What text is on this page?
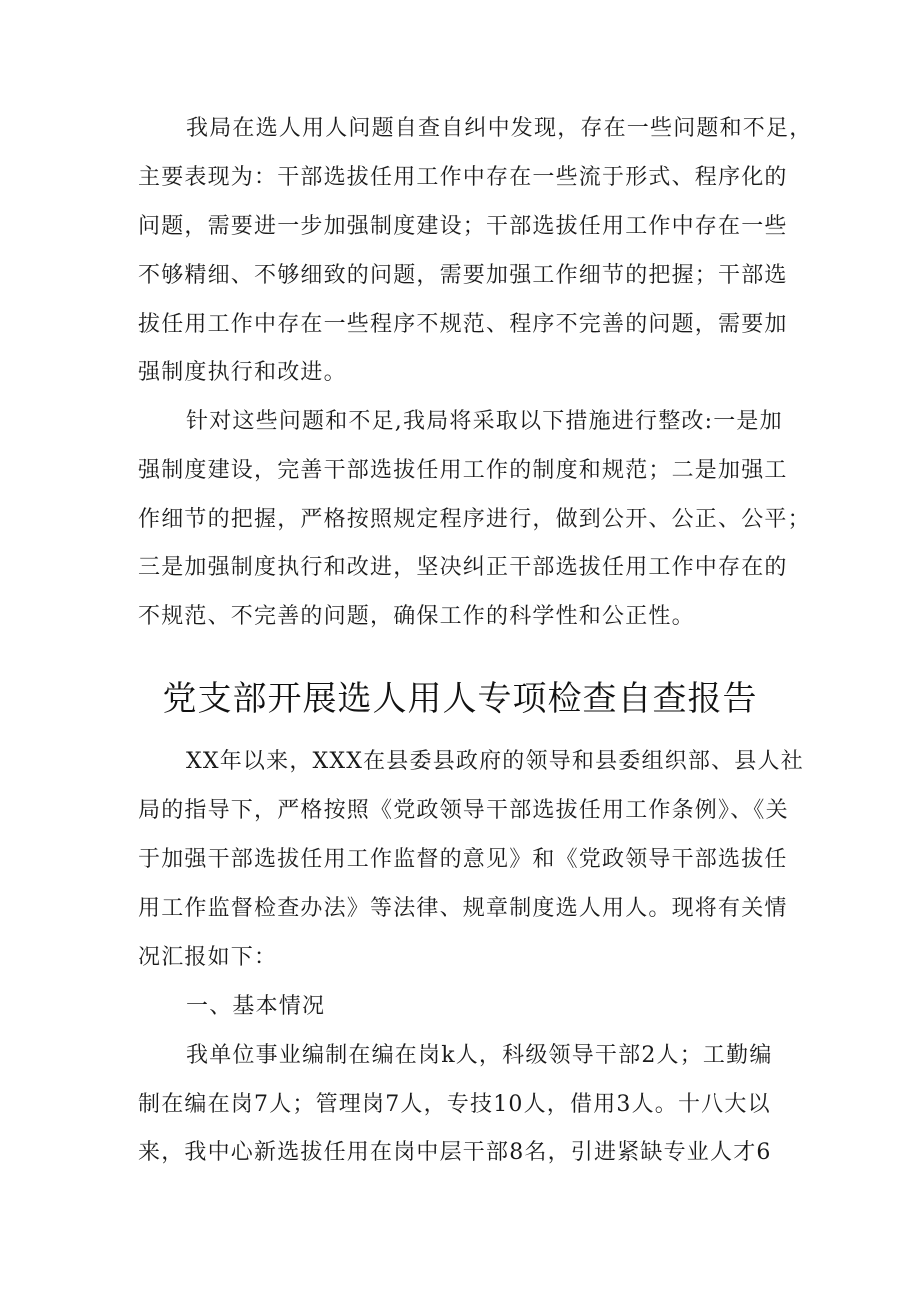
我局在选人用人问题自查自纠中发现，存在一些问题和不足，
主要表现为：干部选拔任用工作中存在一些流于形式、程序化的
问题，需要进一步加强制度建设；干部选拔任用工作中存在一些
不够精细、不够细致的问题，需要加强工作细节的把握；干部选
拔任用工作中存在一些程序不规范、程序不完善的问题，需要加
强制度执行和改进。
针对这些问题和不足,我局将采取以下措施进行整改:一是加
强制度建设，完善干部选拔任用工作的制度和规范；二是加强工
作细节的把握，严格按照规定程序进行，做到公开、公正、公平；
三是加强制度执行和改进，坚决纠正干部选拔任用工作中存在的
不规范、不完善的问题，确保工作的科学性和公正性。
党支部开展选人用人专项检查自查报告
XX年以来，XXX在县委县政府的领导和县委组织部、县人社
局的指导下，严格按照《党政领导干部选拔任用工作条例》、《关
于加强干部选拔任用工作监督的意见》和《党政领导干部选拔任
用工作监督检查办法》等法律、规章制度选人用人。现将有关情
况汇报如下：
一、基本情况
我单位事业编制在编在岗k人，科级领导干部2人；工勤编
制在编在岗7人；管理岗7人，专技10人，借用3人。十八大以
来，我中心新选拔任用在岗中层干部8名，引进紧缺专业人才6
